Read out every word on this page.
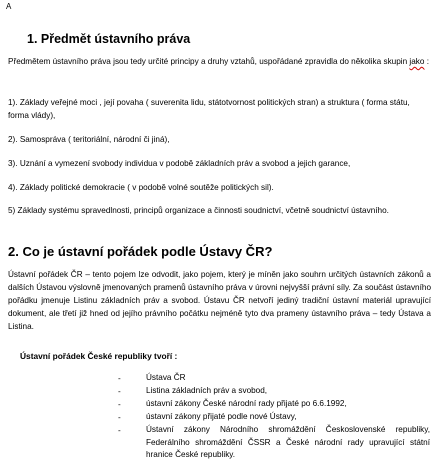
A
1. Předmět ústavního práva
Předmětem ústavního práva jsou tedy určité principy a druhy vztahů, uspořádané zpravidla do několika skupin jako :
1). Základy veřejné moci , její povaha ( suverenita lidu, státotvornost politických stran) a struktura ( forma státu, forma vlády),
2). Samospráva ( teritoriální, národní či jiná),
3). Uznání a vymezení svobody individua v podobě základních práv a svobod a jejich garance,
4). Základy politické demokracie ( v podobě volné soutěže politických sil).
5) Základy systému spravedlnosti, principů organizace a činnosti soudnictví, včetně soudnictví ústavního.
2. Co je ústavní pořádek podle Ústavy ČR?
Ústavní pořádek ČR – tento pojem lze odvodit, jako pojem, který je míněn jako souhrn určitých ústavních zákonů a dalších Ústavou výslovně jmenovaných pramenů ústavního práva v úrovni nejvyšší právní síly. Za součást ústavního pořádku jmenuje Listinu základních práv a svobod. Ústavu ČR netvoří jediný tradiční ústavní materiál upravující dokument, ale třetí již hned od jejího právního počátku nejméně tyto dva prameny ústavního práva – tedy Ústava a Listina.
Ústavní pořádek České republiky tvoří :
-	Ústava ČR
-	Listina základních práv a svobod,
-	ústavní zákony České národní rady přijaté po 6.6.1992,
-	ústavní zákony přijaté podle nové Ústavy,
-	Ústavní zákony Národního shromáždění Československé republiky, Federálního shromáždění ČSSR a České národní rady upravující státní hranice České republiky.
